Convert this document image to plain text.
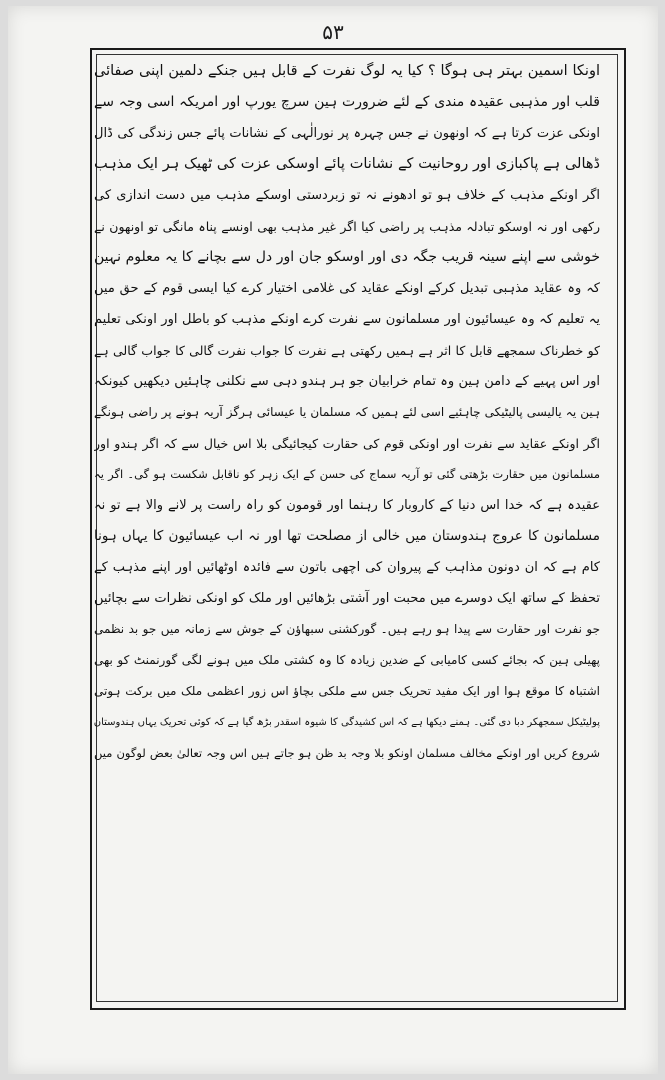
۵۳
اونکا اسمین بہتر ہی ہوگا ؟ کیا یہ لوگ نفرت کے قابل ہیں جنکے دلمین اپنی صفائی
قلب اور مذہبی عقیدہ مندی کے لئے ضرورت ہین سرچ یورپ اور امریکہ اسی وجہ سے
اونکی عزت کرتا ہے کہ اونھون نے جس چہرہ پر نورالٰہی کے نشانات پائے جس زندگی کی ڈال
ڈھالی ہے پاکبازی اور روحانیت کے نشانات پائے اوسکی عزت کی ٹھیک ہر ایک مذہب
اگر اونکے مذہب کے خلاف ہو تو ادھونے نہ تو زبردستی اوسکے مذہب میں دست اندازی کی
رکھی اور نہ اوسکو تبادلہ مذہب پر راضی کیا اگر غیر مذہب بھی اونسے پناہ مانگی تو اونھون نے
خوشی سے اپنے سینہ قریب جگہ دی اور اوسکو جان اور دل سے بچانے کا یہ معلوم نہین
کہ وہ عقاید مذہبی تبدیل کرکے اونکے عقاید کی غلامی اختیار کرے کیا ایسی قوم کے حق میں
یہ تعلیم کہ وہ عیسائیون اور مسلمانون سے نفرت کرے اونکے مذہب کو باطل اور اونکی تعلیم
کو خطرناک سمجھے قابل کا اثر ہے ہمیں رکھتی ہے نفرت کا جواب نفرت گالی کا جواب گالی ہے
اور اس پہیے کے دامن ہین وہ تمام خرابیان جو ہر ہندو دہی سے نکلنی چاہئیں دیکھیں کیونکہ
ہین یہ یالیسی پالیٹیکی چاہئیے اسی لئے ہمیں کہ مسلمان یا عیسائی ہرگز آریہ ہونے پر راضی ہونگے
اگر اونکے عقاید سے نفرت اور اونکی قوم کی حقارت کیجائیگی بلا اس خیال سے کہ اگر ہندو اور
مسلمانون میں حقارت بڑھتی گئی تو آریہ سماج کی حسن کے ایک زہر کو ناقابل شکست ہو گی۔ اگر یہ
عقیدہ ہے کہ خدا اس دنیا کے کاروبار کا رہنما اور قومون کو راہ راست پر لانے والا ہے تو نہ
مسلمانون کا عروج ہندوستان میں خالی از مصلحت تھا اور نہ اب عیسائیون کا یہاں ہونا
کام ہے کہ ان دونون مذاہب کے پیروان کی اچھی باتون سے فائدہ اوٹھائیں اور اپنے مذہب کے
تحفظ کے ساتھ ایک دوسرے میں محبت اور آشتی بڑھائیں اور ملک کو اونکی نظرات سے بچائیں
جو نفرت اور حقارت سے پیدا ہو رہے ہیں۔ گورکشنی سبھاؤن کے جوش سے زمانہ میں جو بد نظمی
پھیلی ہین کہ بجائے کسی کامیابی کے ضدین زیادہ کا وہ کشتی ملک میں ہونے لگی گورنمنٹ کو بھی
اشتباہ کا موقع ہوا اور ایک مفید تحریک جس سے ملکی بچاؤ اس زور اعظمی ملک میں برکت ہوتی
پولیٹیکل سمجھکر دبا دی گئی۔ ہمنے دیکھا ہے کہ اس کشیدگی کا شیوہ اسقدر بڑھ گیا ہے کہ کوئی تحریک یہاں ہندوستان
شروع کریں اور اونکے مخالف مسلمان اونکو بلا وجہ بد ظن ہو جاتے ہیں اس وجہ تعالیٰ بعض لوگون میں
